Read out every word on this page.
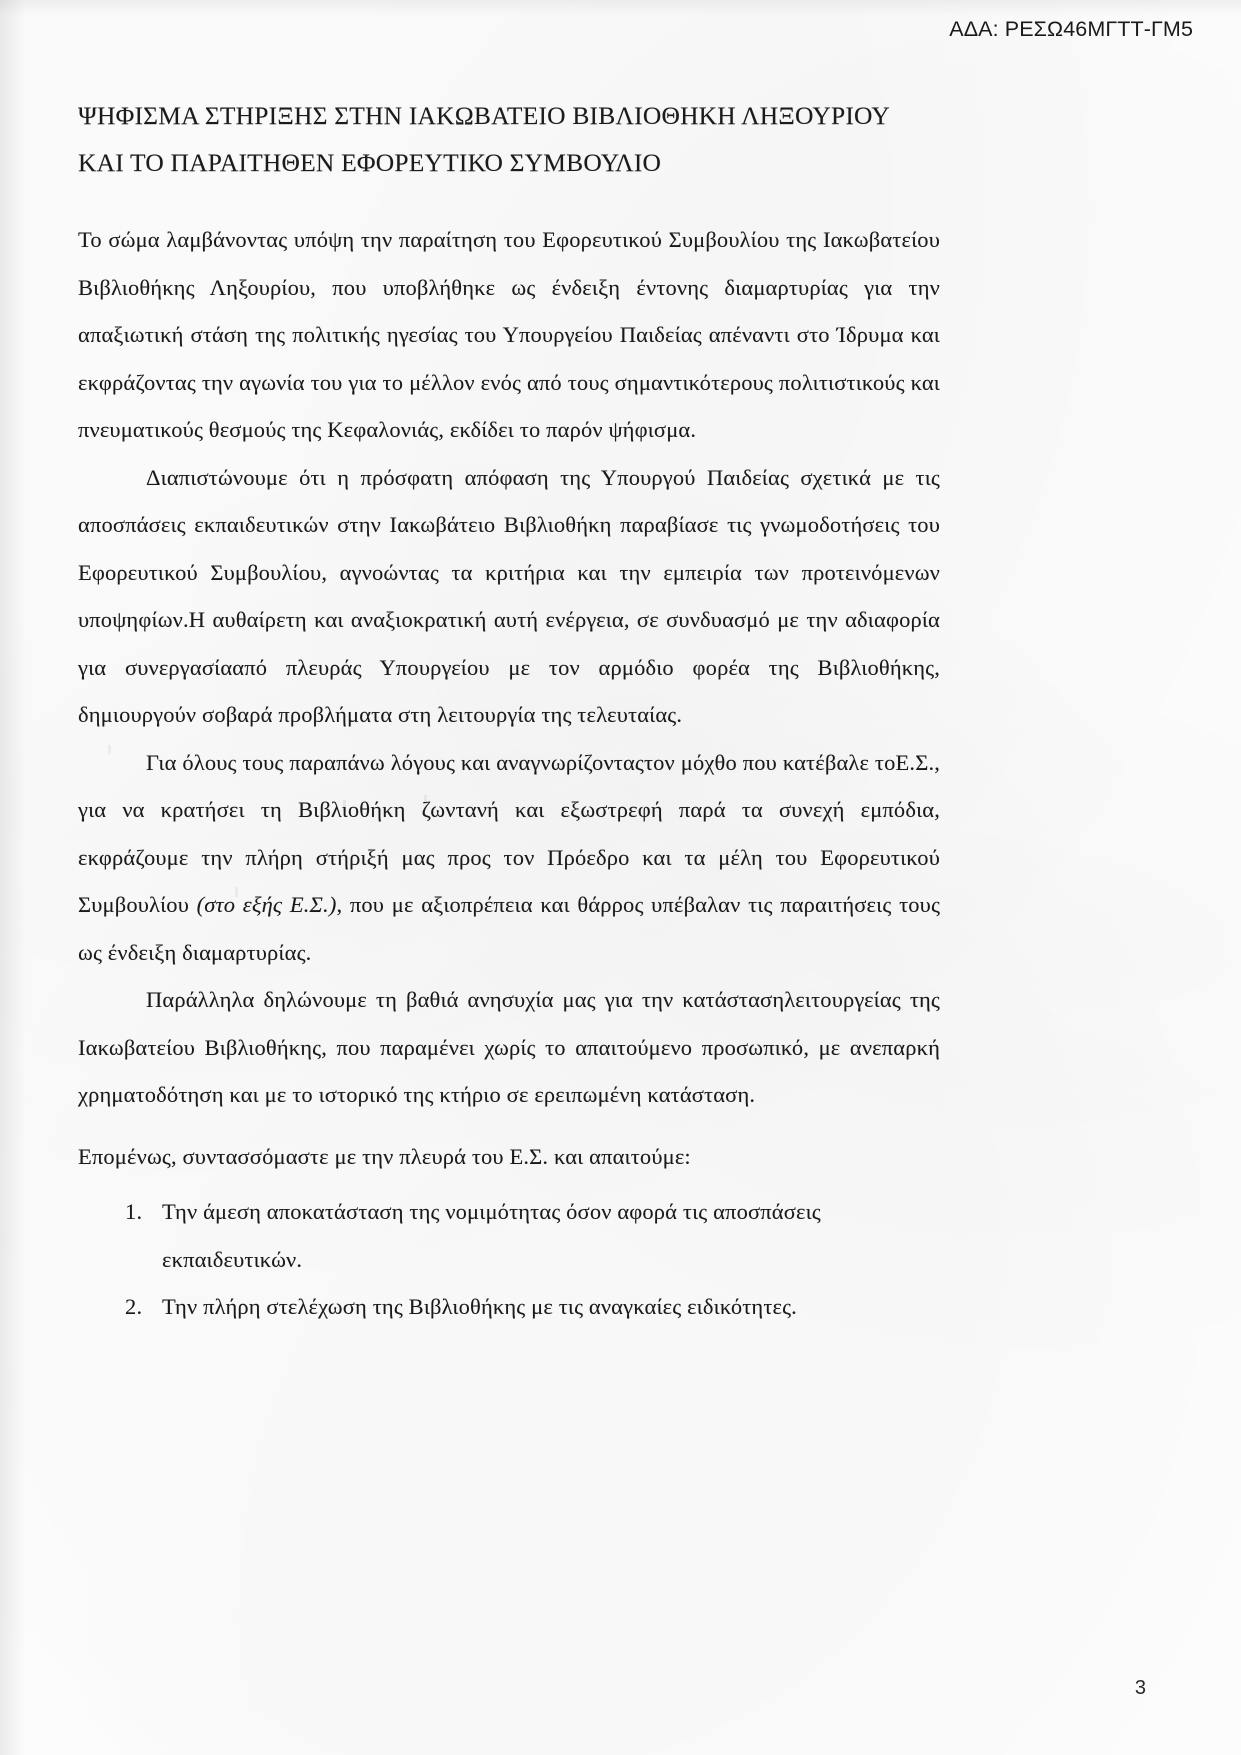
ΑΔΑ: ΡΕΣΩ46ΜΓΤΤ-ΓΜ5
ΨΗΦΙΣΜΑ ΣΤΗΡΙΞΗΣ ΣΤΗΝ ΙΑΚΩΒΑΤΕΙΟ ΒΙΒΛΙΟΘΗΚΗ ΛΗΞΟΥΡΙΟΥ ΚΑΙ ΤΟ ΠΑΡΑΙΤΗΘΕΝ ΕΦΟΡΕΥΤΙΚΟ ΣΥΜΒΟΥΛΙΟ

Το σώμα λαμβάνοντας υπόψη την παραίτηση του Εφορευτικού Συμβουλίου της Ιακωβατείου Βιβλιοθήκης Ληξουρίου, που υποβλήθηκε ως ένδειξη έντονης διαμαρτυρίας για την απαξιωτική στάση της πολιτικής ηγεσίας του Υπουργείου Παιδείας απέναντι στο Ίδρυμα και εκφράζοντας την αγωνία του για το μέλλον ενός από τους σημαντικότερους πολιτιστικούς και πνευματικούς θεσμούς της Κεφαλονιάς, εκδίδει το παρόν ψήφισμα.

Διαπιστώνουμε ότι η πρόσφατη απόφαση της Υπουργού Παιδείας σχετικά με τις αποσπάσεις εκπαιδευτικών στην Ιακωβάτειο Βιβλιοθήκη παραβίασε τις γνωμοδοτήσεις του Εφορευτικού Συμβουλίου, αγνοώντας τα κριτήρια και την εμπειρία των προτεινόμενων υποψηφίων.Η αυθαίρετη και αναξιοκρατική αυτή ενέργεια, σε συνδυασμό με την αδιαφορία για συνεργασίααπό πλευράς Υπουργείου με τον αρμόδιο φορέα της Βιβλιοθήκης, δημιουργούν σοβαρά προβλήματα στη λειτουργία της τελευταίας.

Για όλους τους παραπάνω λόγους και αναγνωρίζονταςτον μόχθο που κατέβαλε τοΕ.Σ., για να κρατήσει τη Βιβλιοθήκη ζωντανή και εξωστρεφή παρά τα συνεχή εμπόδια, εκφράζουμε την πλήρη στήριξή μας προς τον Πρόεδρο και τα μέλη του Εφορευτικού Συμβουλίου (στο εξής Ε.Σ.), που με αξιοπρέπεια και θάρρος υπέβαλαν τις παραιτήσεις τους ως ένδειξη διαμαρτυρίας.

Παράλληλα δηλώνουμε τη βαθιά ανησυχία μας για την κατάστασηλειτουργείας της Ιακωβατείου Βιβλιοθήκης, που παραμένει χωρίς το απαιτούμενο προσωπικό, με ανεπαρκή χρηματοδότηση και με το ιστορικό της κτήριο σε ερειπωμένη κατάσταση.

Επομένως, συντασσόμαστε με την πλευρά του Ε.Σ. και απαιτούμε:

1. Την άμεση αποκατάσταση της νομιμότητας όσον αφορά τις αποσπάσεις εκπαιδευτικών.
2. Την πλήρη στελέχωση της Βιβλιοθήκης με τις αναγκαίες ειδικότητες.
3
